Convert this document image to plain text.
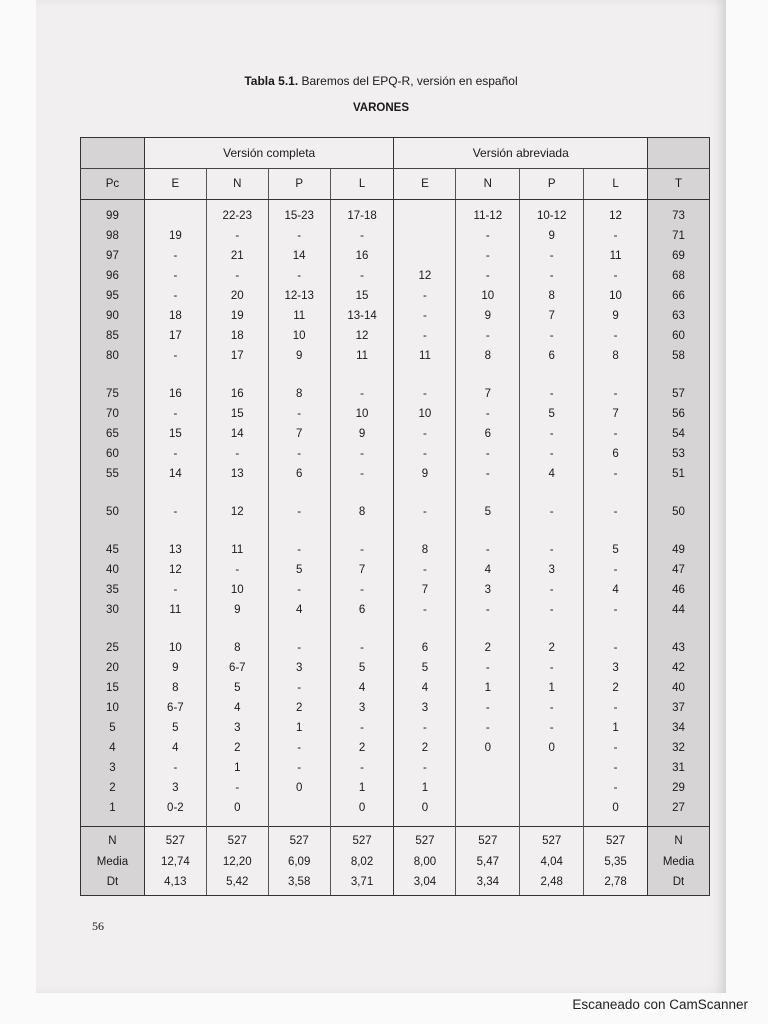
Tabla 5.1. Baremos del EPQ-R, versión en español
VARONES
	Versión completa				Versión abreviada				
Pc	E	N	P	L	E	N	P	L	T
99		22-23	15-23	17-18		11-12	10-12	12	73
98	19	-	-	-		-	9	-	71
97	-	21	14	16		-	-	11	69
96	-	-	-	-	12	-	-	-	68
95	-	20	12-13	15	-	10	8	10	66
90	18	19	11	13-14	-	9	7	9	63
85	17	18	10	12	-	-	-	-	60
80	-	17	9	11	11	8	6	8	58

75	16	16	8	-	-	7	-	-	57
70	-	15	-	10	10	-	5	7	56
65	15	14	7	9	-	6	-	-	54
60	-	-	-	-	-	-	-	6	53
55	14	13	6	-	9	-	4	-	51

50	-	12	-	8	-	5	-	-	50

45	13	11	-	-	8	-	-	5	49
40	12	-	5	7	-	4	3	-	47
35	-	10	-	-	7	3	-	4	46
30	11	9	4	6	-	-	-	-	44

25	10	8	-	-	6	2	2	-	43
20	9	6-7	3	5	5	-	-	3	42
15	8	5	-	4	4	1	1	2	40
10	6-7	4	2	3	3	-	-	-	37
5	5	3	1	-	-	-	-	1	34
4	4	2	-	2	2	0	0	-	32
3	-	1	-	-	-			-	31
2	3	-	0	1	1			-	29
1	0-2	0		0	0			0	27
N	527	527	527	527	527	527	527	527	N
Media	12,74	12,20	6,09	8,02	8,00	5,47	4,04	5,35	Media
Dt	4,13	5,42	3,58	3,71	3,04	3,34	2,48	2,78	Dt
56
Escaneado con CamScanner
